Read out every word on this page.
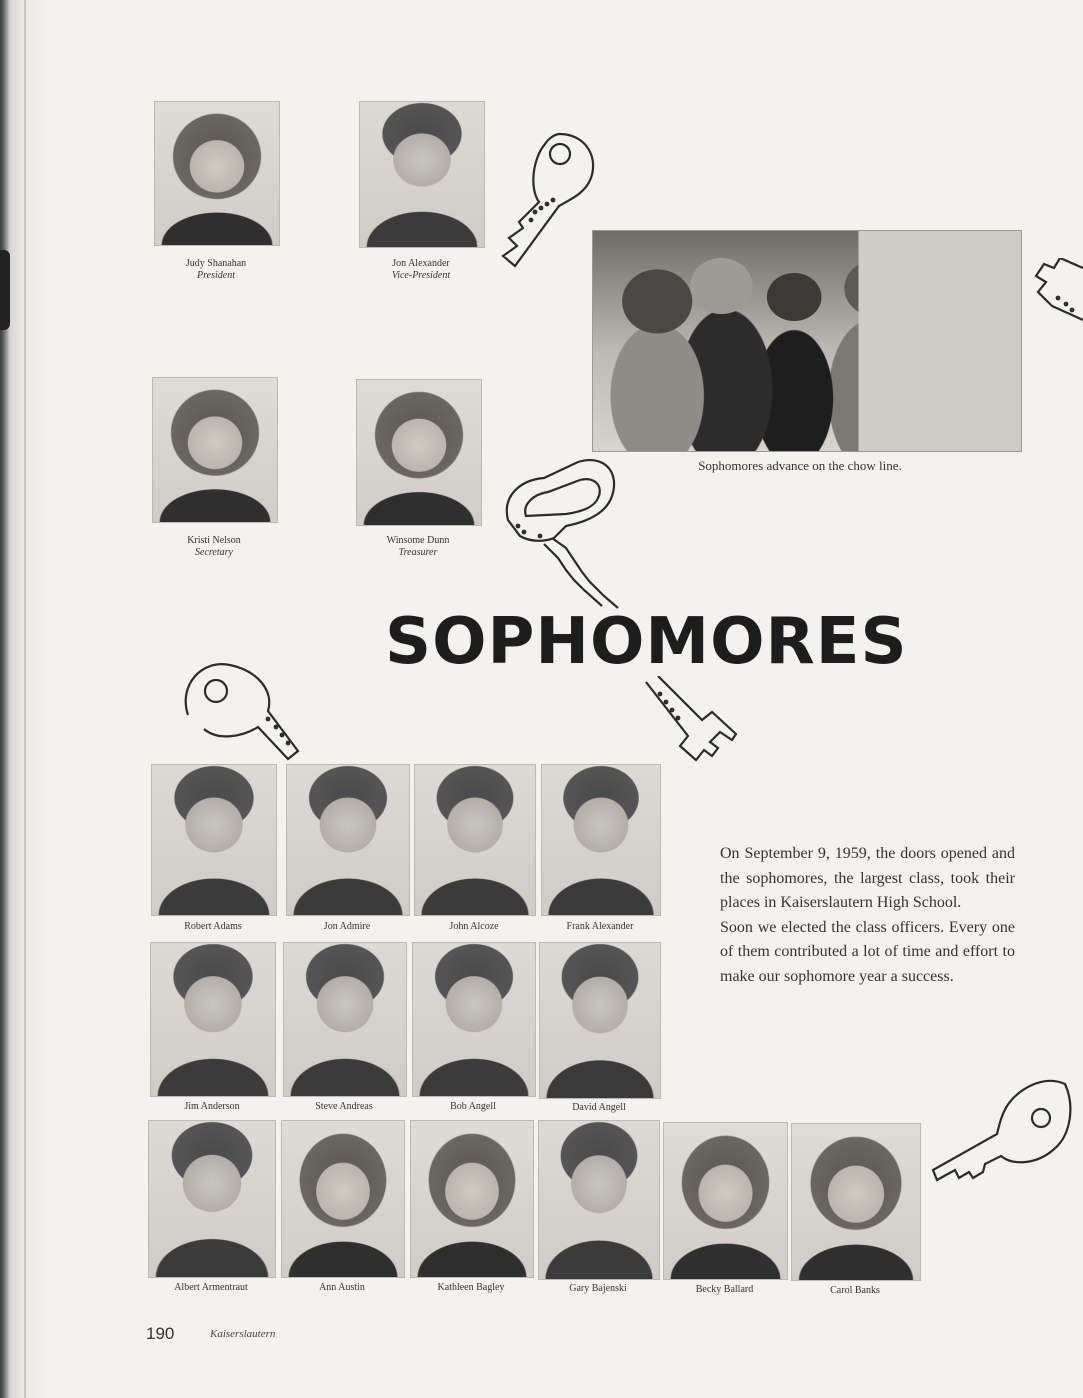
Judy Shanahan
President
Jon Alexander
Vice-President
Kristi Nelson
Secretary
Winsome Dunn
Treasurer
Sophomores advance on the chow line.
SOPHOMORES

On September 9, 1959, the doors opened and the sophomores, the largest class, took their places in Kaiserslautern High School.

Soon we elected the class officers. Every one of them contributed a lot of time and effort to make our sophomore year a success.

Robert Adams	Jon Admire	John Alcoze	Frank Alexander
Jim Anderson	Steve Andreas	Bob Angell	David Angell
Albert Armentraut	Ann Austin	Kathleen Bagley	Gary Bajenski	Becky Ballard	Carol Banks
190	Kaiserslautern
